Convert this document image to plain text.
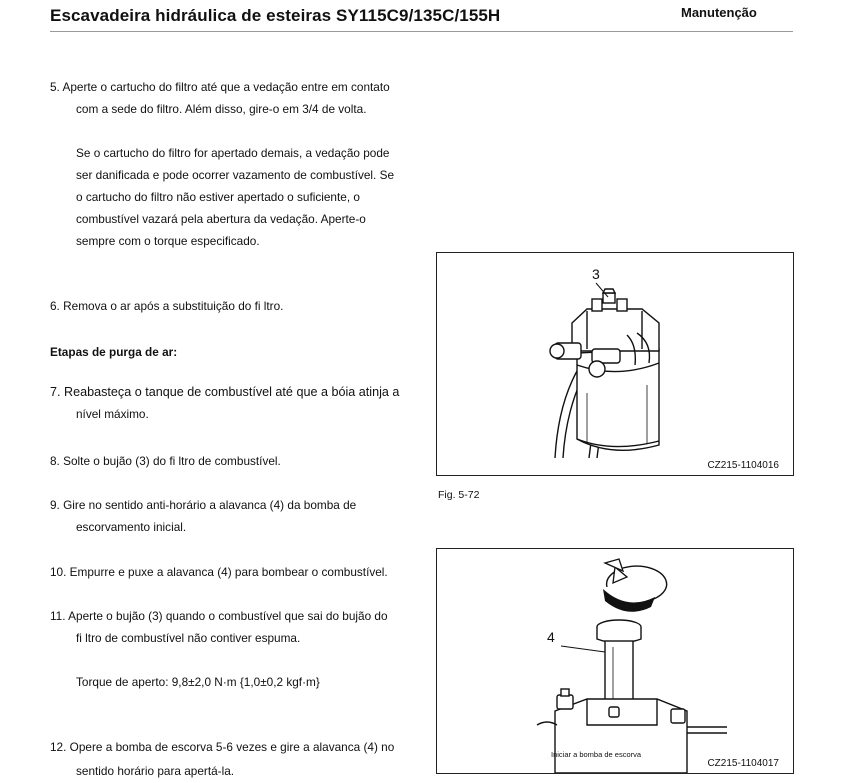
Escavadeira hidráulica de esteiras SY115C9/135C/155H	Manutenção
5. Aperte o cartucho do filtro até que a vedação entre em contato
com a sede do filtro. Além disso, gire-o em 3/4 de volta.
Se o cartucho do filtro for apertado demais, a vedação pode
ser danificada e pode ocorrer vazamento de combustível. Se
o cartucho do filtro não estiver apertado o suficiente, o
combustível vazará pela abertura da vedação. Aperte-o
sempre com o torque especificado.
6. Remova o ar após a substituição do fi ltro.
Etapas de purga de ar:
7. Reabasteça o tanque de combustível até que a bóia atinja a
nível máximo.
8. Solte o bujão (3) do fi ltro de combustível.
9. Gire no sentido anti-horário a alavanca (4) da bomba de
escorvamento inicial.
10. Empurre e puxe a alavanca (4) para bombear o combustível.
11. Aperte o bujão (3) quando o combustível que sai do bujão do
fi ltro de combustível não contiver espuma.
Torque de aperto: 9,8±2,0 N·m {1,0±0,2 kgf·m}
12. Opere a bomba de escorva 5-6 vezes e gire a alavanca (4) no
sentido horário para apertá-la.
3
CZ215-1104016
Fig. 5-72
4
Iniciar a bomba de escorva
CZ215-1104017
